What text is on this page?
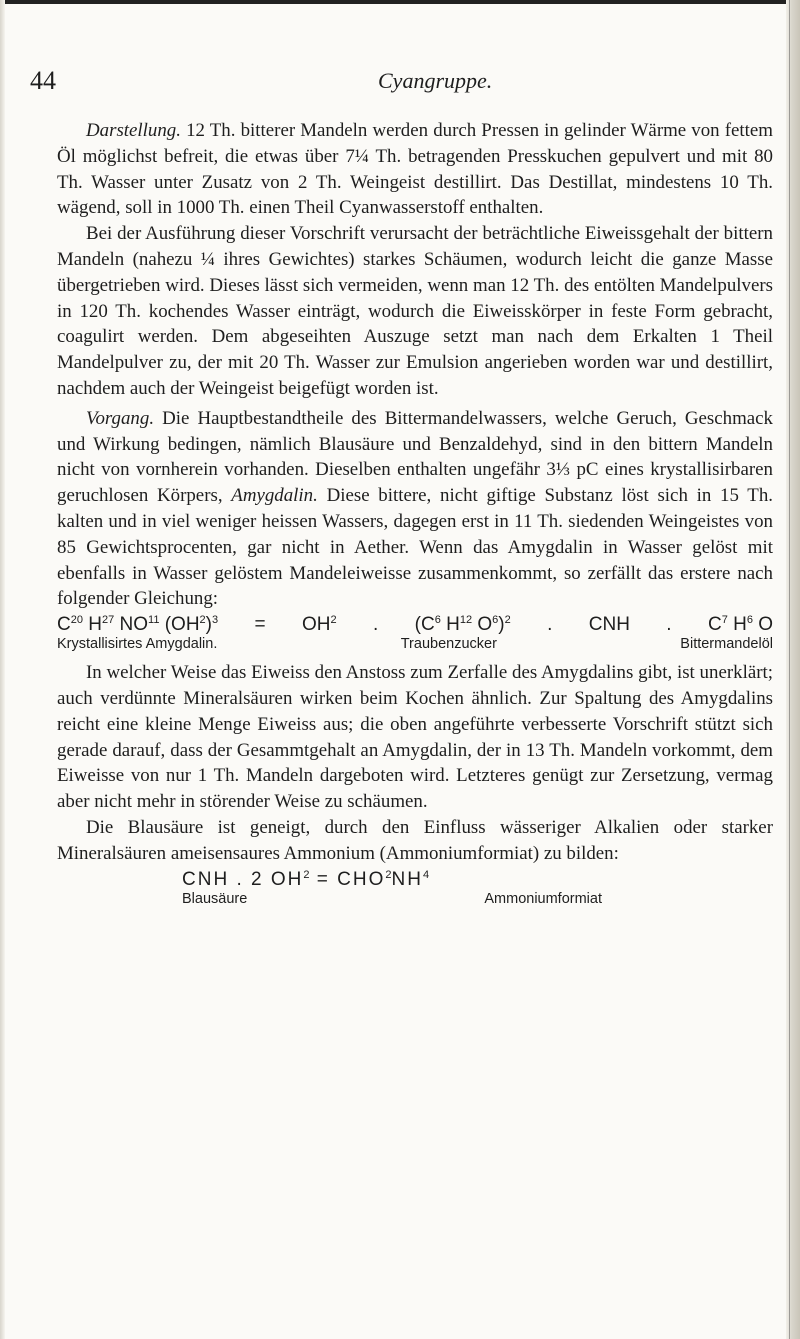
44	Cyangruppe.

Darstellung. 12 Th. bitterer Mandeln werden durch Pressen in gelinder Wärme von fettem Öl möglichst befreit, die etwas über 7¼ Th. betragenden Presskuchen gepulvert und mit 80 Th. Wasser unter Zusatz von 2 Th. Weingeist destillirt. Das Destillat, mindestens 10 Th. wägend, soll in 1000 Th. einen Theil Cyanwasserstoff enthalten.

Bei der Ausführung dieser Vorschrift verursacht der beträchtliche Eiweissgehalt der bittern Mandeln (nahezu ¼ ihres Gewichtes) starkes Schäumen, wodurch leicht die ganze Masse übergetrieben wird. Dieses lässt sich vermeiden, wenn man 12 Th. des entölten Mandelpulvers in 120 Th. kochendes Wasser einträgt, wodurch die Eiweisskörper in feste Form gebracht, coagulirt werden. Dem abgeseihten Auszuge setzt man nach dem Erkalten 1 Theil Mandelpulver zu, der mit 20 Th. Wasser zur Emulsion angerieben worden war und destillirt, nachdem auch der Weingeist beigefügt worden ist.

Vorgang. Die Hauptbestandtheile des Bittermandelwassers, welche Geruch, Geschmack und Wirkung bedingen, nämlich Blausäure und Benzaldehyd, sind in den bittern Mandeln nicht von vornherein vorhanden. Dieselben enthalten ungefähr 3⅓ pC eines krystallisirbaren geruchlosen Körpers, Amygdalin. Diese bittere, nicht giftige Substanz löst sich in 15 Th. kalten und in viel weniger heissen Wassers, dagegen erst in 11 Th. siedenden Weingeistes von 85 Gewichtsprocenten, gar nicht in Aether. Wenn das Amygdalin in Wasser gelöst mit ebenfalls in Wasser gelöstem Mandeleiweisse zusammenkommt, so zerfällt das erstere nach folgender Gleichung:

$C^{20}$ $H^{27}$ NO$^{11}$ $(OH^2)^3 = OH^2$ . ($C^6$ $H^{12}$ $O^6)^2$ . CNH . $C^7$ $H^6$ O
Krystallisirtes Amygdalin.	Traubenzucker	Bittermandelöl

In welcher Weise das Eiweiss den Anstoss zum Zerfalle des Amygdalins gibt, ist unerklärt; auch verdünnte Mineralsäuren wirken beim Kochen ähnlich. Zur Spaltung des Amygdalins reicht eine kleine Menge Eiweiss aus; die oben angeführte verbesserte Vorschrift stützt sich gerade darauf, dass der Gesammtgehalt an Amygdalin, der in 13 Th. Mandeln vorkommt, dem Eiweisse von nur 1 Th. Mandeln dargeboten wird. Letzteres genügt zur Zersetzung, vermag aber nicht mehr in störender Weise zu schäumen.

Die Blausäure ist geneigt, durch den Einfluss wässeriger Alkalien oder starker Mineralsäuren ameisensaures Ammonium (Ammoniumformiat) zu bilden:

CNH . 2 $OH^2 = CHO^2NH^4$
Blausäure	Ammoniumformiat
